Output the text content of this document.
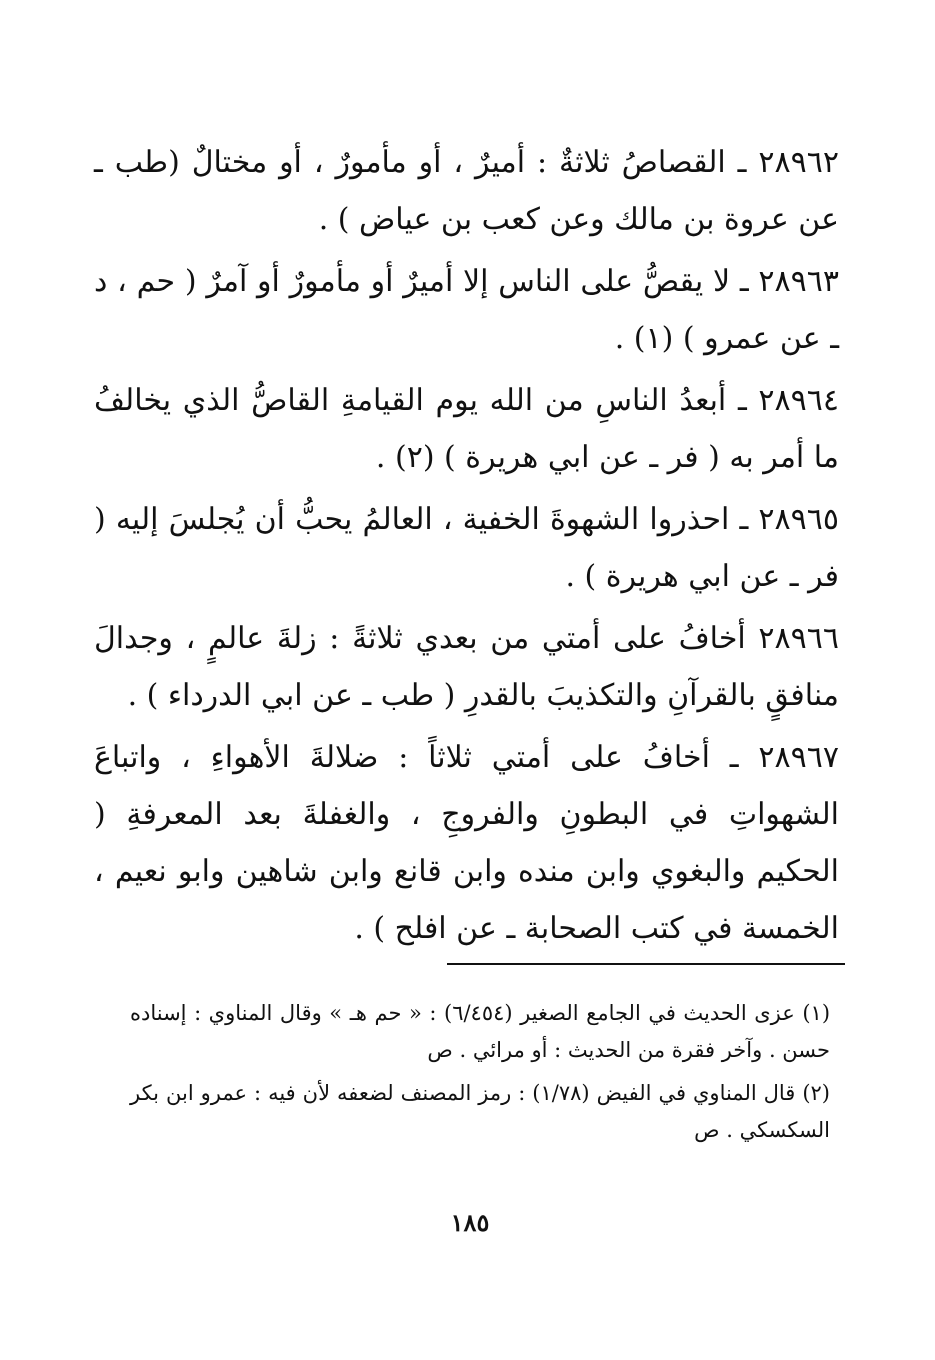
٢٨٩٦٢ ـ القصاصُ ثلاثةٌ : أميرٌ ، أو مأمورٌ ، أو مختالٌ (طب ـ عن عروة بن مالك وعن كعب بن عياض ) .

٢٨٩٦٣ ـ لا يقصُّ على الناس إلا أميرٌ أو مأمورٌ أو آمرٌ ( حم ، د ـ عن عمرو ) (١) .

٢٨٩٦٤ ـ أبعدُ الناسِ من الله يوم القيامةِ القاصُّ الذي يخالفُ ما أمر به ( فر ـ عن ابي هريرة ) (٢) .

٢٨٩٦٥ ـ احذروا الشهوةَ الخفية ، العالمُ يحبُّ أن يُجلسَ إليه ( فر ـ عن ابي هريرة ) .

٢٨٩٦٦ أخافُ على أمتي من بعدي ثلاثةً : زلةَ عالمٍ ، وجدالَ منافقٍ بالقرآنِ والتكذيبَ بالقدرِ ( طب ـ عن ابي الدرداء ) .

٢٨٩٦٧ ـ أخافُ على أمتي ثلاثاً : ضلالةَ الأهواءِ ، واتباعَ الشهواتِ في البطونِ والفروجِ ، والغفلةَ بعد المعرفةِ ( الحكيم والبغوي وابن منده وابن قانع وابن شاهين وابو نعيم ، الخمسة في كتب الصحابة ـ عن افلح ) .

(١) عزى الحديث في الجامع الصغير (٦/٤٥٤) : « حم هـ » وقال المناوي : إسناده حسن . وآخر فقرة من الحديث : أو مرائي . ص

(٢) قال المناوي في الفيض (١/٧٨) : رمز المصنف لضعفه لأن فيه : عمرو ابن بكر السكسكي . ص

١٨٥
